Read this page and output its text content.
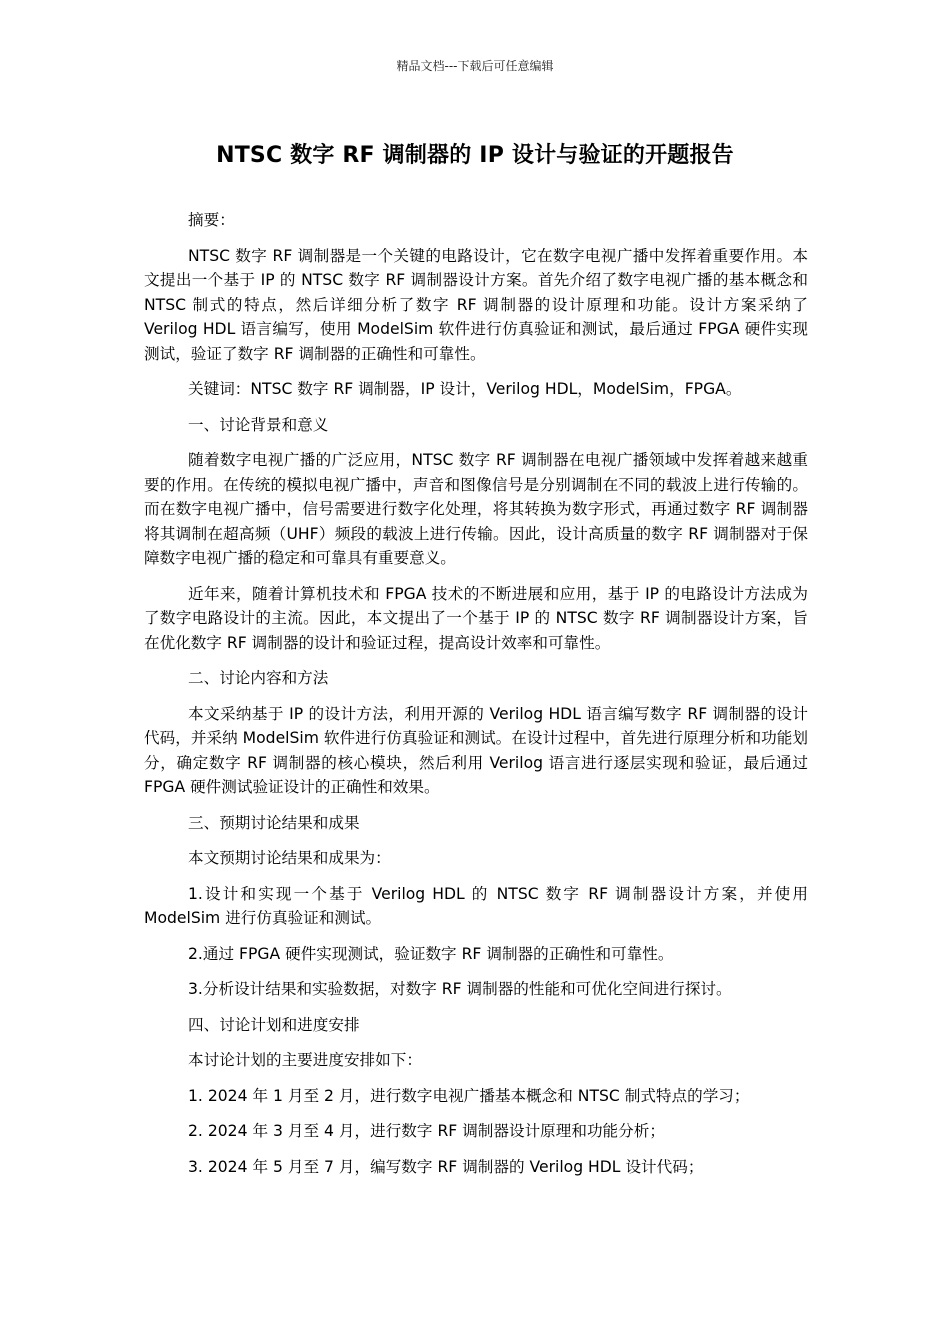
精品文档---下载后可任意编辑
NTSC 数字 RF 调制器的 IP 设计与验证的开题报告

摘要：

NTSC 数字 RF 调制器是一个关键的电路设计，它在数字电视广播中发挥着重要作用。本文提出一个基于 IP 的 NTSC 数字 RF 调制器设计方案。首先介绍了数字电视广播的基本概念和 NTSC 制式的特点，然后详细分析了数字 RF 调制器的设计原理和功能。设计方案采纳了 Verilog HDL 语言编写，使用 ModelSim 软件进行仿真验证和测试，最后通过 FPGA 硬件实现测试，验证了数字 RF 调制器的正确性和可靠性。

关键词：NTSC 数字 RF 调制器，IP 设计，Verilog HDL，ModelSim，FPGA。

一、讨论背景和意义

随着数字电视广播的广泛应用，NTSC 数字 RF 调制器在电视广播领域中发挥着越来越重要的作用。在传统的模拟电视广播中，声音和图像信号是分别调制在不同的载波上进行传输的。而在数字电视广播中，信号需要进行数字化处理，将其转换为数字形式，再通过数字 RF 调制器将其调制在超高频（UHF）频段的载波上进行传输。因此，设计高质量的数字 RF 调制器对于保障数字电视广播的稳定和可靠具有重要意义。

近年来，随着计算机技术和 FPGA 技术的不断进展和应用，基于 IP 的电路设计方法成为了数字电路设计的主流。因此，本文提出了一个基于 IP 的 NTSC 数字 RF 调制器设计方案，旨在优化数字 RF 调制器的设计和验证过程，提高设计效率和可靠性。

二、讨论内容和方法

本文采纳基于 IP 的设计方法，利用开源的 Verilog HDL 语言编写数字 RF 调制器的设计代码，并采纳 ModelSim 软件进行仿真验证和测试。在设计过程中，首先进行原理分析和功能划分，确定数字 RF 调制器的核心模块，然后利用 Verilog 语言进行逐层实现和验证，最后通过 FPGA 硬件测试验证设计的正确性和效果。

三、预期讨论结果和成果

本文预期讨论结果和成果为：

1.设计和实现一个基于 Verilog HDL 的 NTSC 数字 RF 调制器设计方案，并使用 ModelSim 进行仿真验证和测试。

2.通过 FPGA 硬件实现测试，验证数字 RF 调制器的正确性和可靠性。

3.分析设计结果和实验数据，对数字 RF 调制器的性能和可优化空间进行探讨。

四、讨论计划和进度安排

本讨论计划的主要进度安排如下：

1. 2024 年 1 月至 2 月，进行数字电视广播基本概念和 NTSC 制式特点的学习；

2. 2024 年 3 月至 4 月，进行数字 RF 调制器设计原理和功能分析；

3. 2024 年 5 月至 7 月，编写数字 RF 调制器的 Verilog HDL 设计代码；
